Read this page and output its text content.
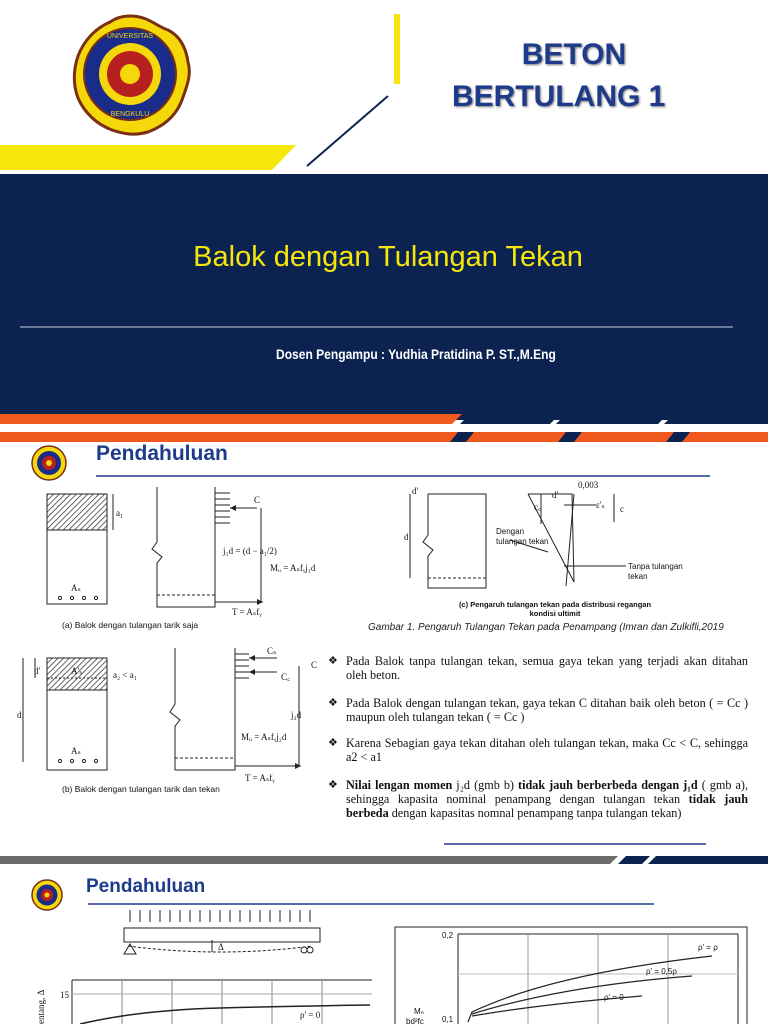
UNIVERSITAS
BENGKULU
BETON
BERTULANG 1
Balok dengan Tulangan Tekan
Dosen Pengampu : Yudhia Pratidina P. ST.,M.Eng
Pendahuluan
a₁
Aₛ
C
j₁d = (d − a₁/2)
Mᵤ = Aₛfᵧj₁d
T = Aₛfᵧ
(a) Balok dengan tulangan tarik saja
0,003
d'
d
c꜀
d'
ε'ₛ c
Dengan
tulangan tekan
Tanpa tulangan
tekan
(c) Pengaruh tulangan tekan pada distribusi regangan
kondisi ultimit
Gambar 1. Pengaruh Tulangan Tekan pada Penampang (Imran dan Zulkifli,2019
d'
d
A'ₛ
Aₛ
a₂ < a₁
Cₛ
C꜀
C
j₂d
Mᵤ = Aₛfᵧj₂d
T = Aₛfᵧ
(b) Balok dengan tulangan tarik dan tekan
❖ Pada Balok tanpa tulangan tekan, semua gaya tekan yang terjadi akan ditahan oleh beton.
❖ Pada Balok dengan tulangan tekan, gaya tekan C ditahan baik oleh beton ( = Cc ) maupun oleh tulangan tekan ( = Cc )
❖ Karena Sebagian gaya tekan ditahan oleh tulangan tekan, maka Cc < C, sehingga a2 < a1
❖ Nilai lengan momen j₂d (gmb b) tidak jauh berberbeda dengan j₁d ( gmb a), sehingga kapasita nominal penampang dengan tulangan tekan tidak jauh berbeda dengan kapasitas nomnal penampang tanpa tulangan tekan)
Pendahuluan
Δ
15
ρ' = 0
entang, Δ
0,2
0,1
Mₙ
bd²fc
ρ' = ρ
ρ' = 0,5ρ
ρ' = 0
